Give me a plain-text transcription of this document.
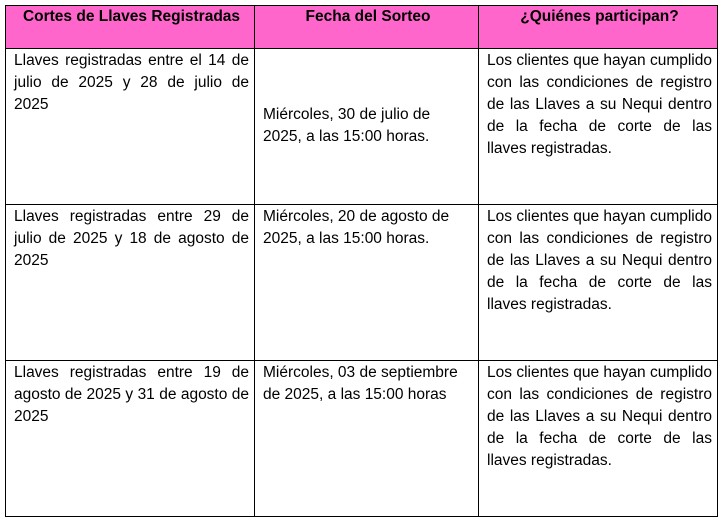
Cortes de Llaves Registradas	Fecha del Sorteo	¿Quiénes participan?
Llaves registradas entre el 14 de julio de 2025 y 28 de julio de 2025	Miércoles, 30 de julio de 2025, a las 15:00 horas.	Los clientes que hayan cumplido con las condiciones de registro de las Llaves a su Nequi dentro de la fecha de corte de las llaves registradas.
Llaves registradas entre 29 de julio de 2025 y 18 de agosto de 2025	Miércoles, 20 de agosto de 2025, a las 15:00 horas.	Los clientes que hayan cumplido con las condiciones de registro de las Llaves a su Nequi dentro de la fecha de corte de las llaves registradas.
Llaves registradas entre 19 de agosto de 2025 y 31 de agosto de 2025	Miércoles, 03 de septiembre de 2025, a las 15:00 horas	Los clientes que hayan cumplido con las condiciones de registro de las Llaves a su Nequi dentro de la fecha de corte de las llaves registradas.
